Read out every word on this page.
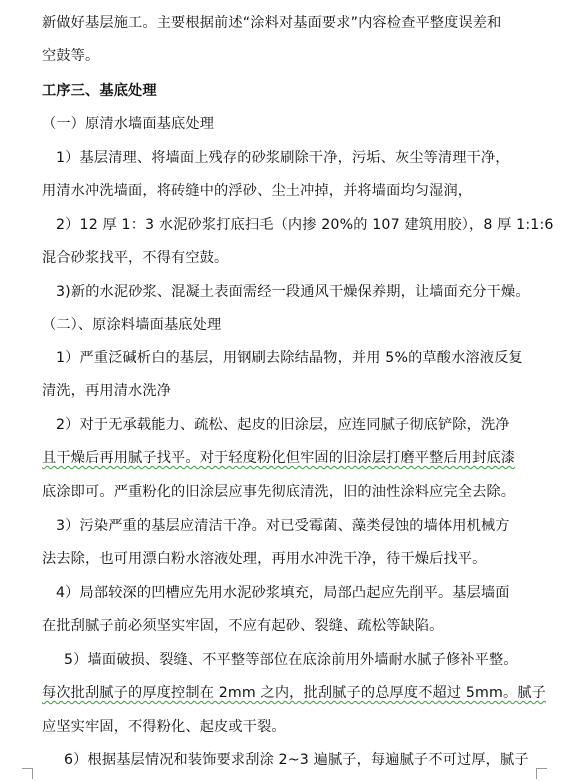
新做好基层施工。主要根据前述“涂料对基面要求”内容检查平整度误差和
空鼓等。
工序三、基底处理
（一）原清水墙面基底处理
1）基层清理、将墙面上残存的砂浆刷除干净，污垢、灰尘等清理干净，
用清水冲洗墙面，将砖缝中的浮砂、尘土冲掉，并将墙面均匀湿润，
2）12 厚 1：3 水泥砂浆打底扫毛（内掺 20%的 107 建筑用胶），8 厚 1:1:6
混合砂浆找平，不得有空鼓。
3)新的水泥砂浆、混凝土表面需经一段通风干燥保养期，让墙面充分干燥。
（二）、原涂料墙面基底处理
1）严重泛碱析白的基层，用钢刷去除结晶物，并用 5%的草酸水溶液反复
清洗，再用清水洗净
2）对于无承载能力、疏松、起皮的旧涂层，应连同腻子彻底铲除，洗净
且干燥后再用腻子找平。对于轻度粉化但牢固的旧涂层打磨平整后用封底漆
底涂即可。严重粉化的旧涂层应事先彻底清洗，旧的油性涂料应完全去除。
3）污染严重的基层应清洁干净。对已受霉菌、藻类侵蚀的墙体用机械方
法去除，也可用漂白粉水溶液处理，再用水冲洗干净，待干燥后找平。
4）局部较深的凹槽应先用水泥砂浆填充，局部凸起应先削平。基层墙面
在批刮腻子前必须坚实牢固，不应有起砂、裂缝、疏松等缺陷。
5）墙面破损、裂缝、不平整等部位在底涂前用外墙耐水腻子修补平整。
每次批刮腻子的厚度控制在 2mm 之内，批刮腻子的总厚度不超过 5mm。腻子
应坚实牢固，不得粉化、起皮或干裂。
6）根据基层情况和装饰要求刮涂 2~3 遍腻子，每遍腻子不可过厚，腻子
